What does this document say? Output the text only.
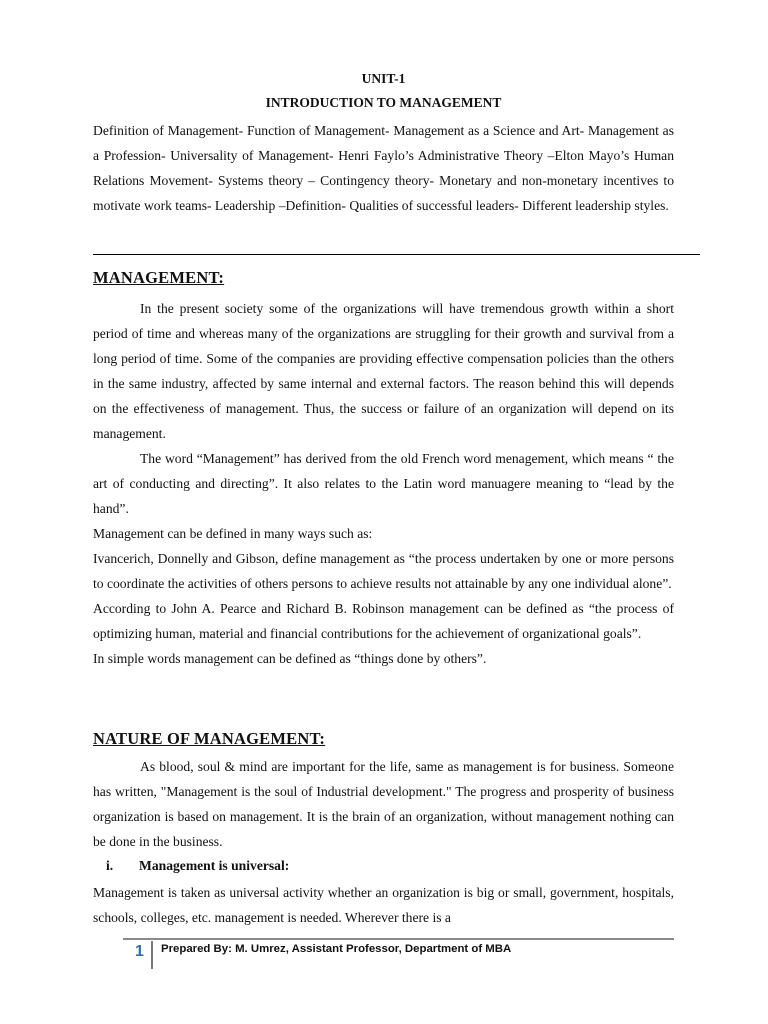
UNIT-1
INTRODUCTION TO MANAGEMENT
Definition of Management- Function of Management- Management as a Science and Art- Management as a Profession- Universality of Management- Henri Faylo’s Administrative Theory –Elton Mayo’s Human Relations Movement- Systems theory – Contingency theory- Monetary and non-monetary incentives to motivate work teams- Leadership –Definition- Qualities of successful leaders- Different leadership styles.
MANAGEMENT:

In the present society some of the organizations will have tremendous growth within a short period of time and whereas many of the organizations are struggling for their growth and survival from a long period of time. Some of the companies are providing effective compensation policies than the others in the same industry, affected by same internal and external factors. The reason behind this will depends on the effectiveness of management. Thus, the success or failure of an organization will depend on its management.

The word “Management” has derived from the old French word menagement, which means “ the art of conducting and directing”. It also relates to the Latin word manuagere meaning to “lead by the hand”.

Management can be defined in many ways such as:

Ivancerich, Donnelly and Gibson, define management as “the process undertaken by one or more persons to coordinate the activities of others persons to achieve results not attainable by any one individual alone”.

According to John A. Pearce and Richard B. Robinson management can be defined as “the process of optimizing human, material and financial contributions for the achievement of organizational goals”.

In simple words management can be defined as “things done by others”.

NATURE OF MANAGEMENT:

As blood, soul & mind are important for the life, same as management is for business. Someone has written, "Management is the soul of Industrial development." The progress and prosperity of business organization is based on management. It is the brain of an organization, without management nothing can be done in the business.

i. Management is universal:

Management is taken as universal activity whether an organization is big or small, government, hospitals, schools, colleges, etc. management is needed. Wherever there is a

1 Prepared By: M. Umrez, Assistant Professor, Department of MBA
